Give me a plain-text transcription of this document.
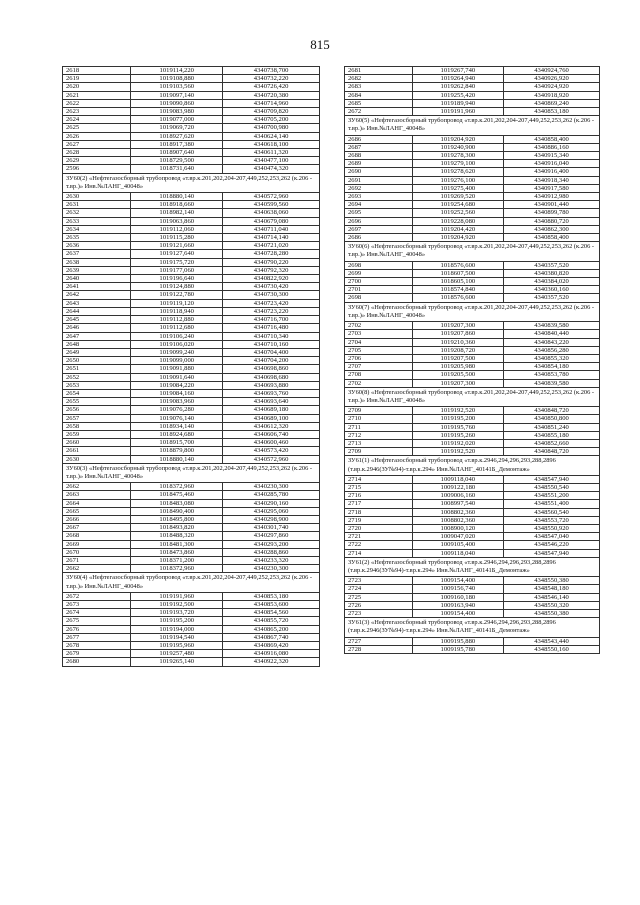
815
2618	1019114,220	4340738,700
2619	1019108,880	4340732,220
2620	1019103,560	4340726,420
2621	1019097,140	4340720,380
2622	1019090,860	4340714,960
2623	1019083,980	4340709,820
2624	1019077,000	4340705,200
2625	1019069,720	4340700,980
2626	1018927,620	4340624,140
2627	1018917,380	4340618,100
2628	1018907,640	4340611,320
2629	1018729,500	4340477,100
2596	1018731,640	4340474,320
ЗУ60(2) «Нефтегазосборный трубопровод «т.вр.к.201,202,204-207,449,252,253,262 (к.206 - т.вр.)» Инв.№ЛАНГ_40048»		
2630	1018880,140	4340572,960
2631	1018918,660	4340599,560
2632	1018982,140	4340638,060
2633	1019063,860	4340679,080
2634	1019112,060	4340711,040
2635	1019115,280	4340714,140
2636	1019121,660	4340721,020
2637	1019127,640	4340728,280
2638	1019175,720	4340790,220
2639	1019177,060	4340792,320
2640	1019196,640	4340822,920
2641	1019124,880	4340730,420
2642	1019122,780	4340730,300
2643	1019119,120	4340723,420
2644	1019118,940	4340723,220
2645	1019112,880	4340716,700
2646	1019112,680	4340716,480
2647	1019106,240	4340710,340
2648	1019106,020	4340710,160
2649	1019099,240	4340704,400
2650	1019099,000	4340704,200
2651	1019091,880	4340698,860
2652	1019091,640	4340698,680
2653	1019084,220	4340693,880
2654	1019084,160	4340693,760
2655	1019083,960	4340693,640
2656	1019076,280	4340689,180
2657	1019076,140	4340689,100
2658	1018934,140	4340612,320
2659	1018924,680	4340606,740
2660	1018915,700	4340600,460
2661	1018879,800	4340573,420
2630	1018880,140	4340572,960
ЗУ60(3) «Нефтегазосборный трубопровод «т.вр.к.201,202,204-207,449,252,253,262 (к.206 - т.вр.)» Инв.№ЛАНГ_40048»		
2662	1018372,960	4340230,300
2663	1018475,460	4340285,780
2664	1018483,080	4340290,160
2665	1018490,400	4340295,060
2666	1018495,800	4340298,900
2667	1018493,820	4340301,740
2668	1018488,320	4340297,860
2669	1018481,300	4340293,200
2670	1018473,860	4340288,860
2671	1018371,200	4340233,320
2662	1018372,960	4340230,300
ЗУ60(4) «Нефтегазосборный трубопровод «т.вр.к.201,202,204-207,449,252,253,262 (к.206 - т.вр.)» Инв.№ЛАНГ_40048»		
2672	1019191,960	4340853,180
2673	1019192,500	4340853,600
2674	1019193,720	4340854,560
2675	1019195,200	4340855,720
2676	1019194,000	4340865,200
2677	1019194,540	4340867,740
2678	1019195,960	4340869,420
2679	1019257,480	4340916,080
2680	1019265,140	4340922,320
2681	1019267,740	4340924,760
2682	1019264,940	4340926,920
2683	1019262,840	4340924,920
2684	1019255,420	4340918,920
2685	1019189,940	4340869,240
2672	1019191,960	4340853,180
ЗУ60(5) «Нефтегазосборный трубопровод «т.вр.к.201,202,204-207,449,252,253,262 (к.206 - т.вр.)» Инв.№ЛАНГ_40048»		
2686	1019204,920	4340858,400
2687	1019240,900	4340886,160
2688	1019278,300	4340915,340
2689	1019279,100	4340916,040
2690	1019278,620	4340916,400
2691	1019276,100	4340918,340
2692	1019275,400	4340917,580
2693	1019269,520	4340912,980
2694	1019254,680	4340901,440
2695	1019252,560	4340899,780
2696	1019228,080	4340880,720
2697	1019204,420	4340862,300
2686	1019204,920	4340858,400
ЗУ60(6) «Нефтегазосборный трубопровод «т.вр.к.201,202,204-207,449,252,253,262 (к.206 - т.вр.)» Инв.№ЛАНГ_40048»		
2698	1018576,600	4340357,520
2699	1018607,500	4340380,820
2700	1018605,100	4340384,020
2701	1018574,840	4340360,160
2698	1018576,600	4340357,520
ЗУ60(7) «Нефтегазосборный трубопровод «т.вр.к.201,202,204-207,449,252,253,262 (к.206 - т.вр.)» Инв.№ЛАНГ_40048»		
2702	1019207,300	4340839,580
2703	1019207,860	4340840,440
2704	1019210,360	4340843,220
2705	1019208,720	4340856,280
2706	1019207,500	4340855,320
2707	1019205,980	4340854,180
2708	1019205,500	4340853,780
2702	1019207,300	4340839,580
ЗУ60(8) «Нефтегазосборный трубопровод «т.вр.к.201,202,204-207,449,252,253,262 (к.206 - т.вр.)» Инв.№ЛАНГ_40048»		
2709	1019192,520	4340848,720
2710	1019195,200	4340850,800
2711	1019195,760	4340851,240
2712	1019195,260	4340855,180
2713	1019192,020	4340852,660
2709	1019192,520	4340848,720
ЗУ61(1) «Нефтегазосборный трубопровод «т.вр.к.2946,294,296,293,288,2896 (т.вр.к.2946(ЗУ№94)-т.вр.к.294» Инв.№ЛАНГ_40141Б_Демонтаж»		
2714	1009118,040	4348547,940
2715	1009122,180	4348550,540
2716	1009006,160	4348551,200
2717	1008997,540	4348551,400
2718	1008802,360	4348560,540
2719	1008802,360	4348553,720
2720	1008900,120	4348550,920
2721	1009047,020	4348547,040
2722	1009105,400	4348546,220
2714	1009118,040	4348547,940
ЗУ61(2) «Нефтегазосборный трубопровод «т.вр.к.2946,294,296,293,288,2896 (т.вр.к.2946(ЗУ№94)-т.вр.к.294» Инв.№ЛАНГ_40141Б_Демонтаж»		
2723	1009154,400	4348550,380
2724	1009156,740	4348548,180
2725	1009160,180	4348546,140
2726	1009163,940	4348550,320
2723	1009154,400	4348550,380
ЗУ61(3) «Нефтегазосборный трубопровод «т.вр.к.2946,294,296,293,288,2896 (т.вр.к.2946(ЗУ№94)-т.вр.к.294» Инв.№ЛАНГ_40141Б_Демонтаж»		
2727	1009195,880	4348543,440
2728	1009195,780	4348550,160
